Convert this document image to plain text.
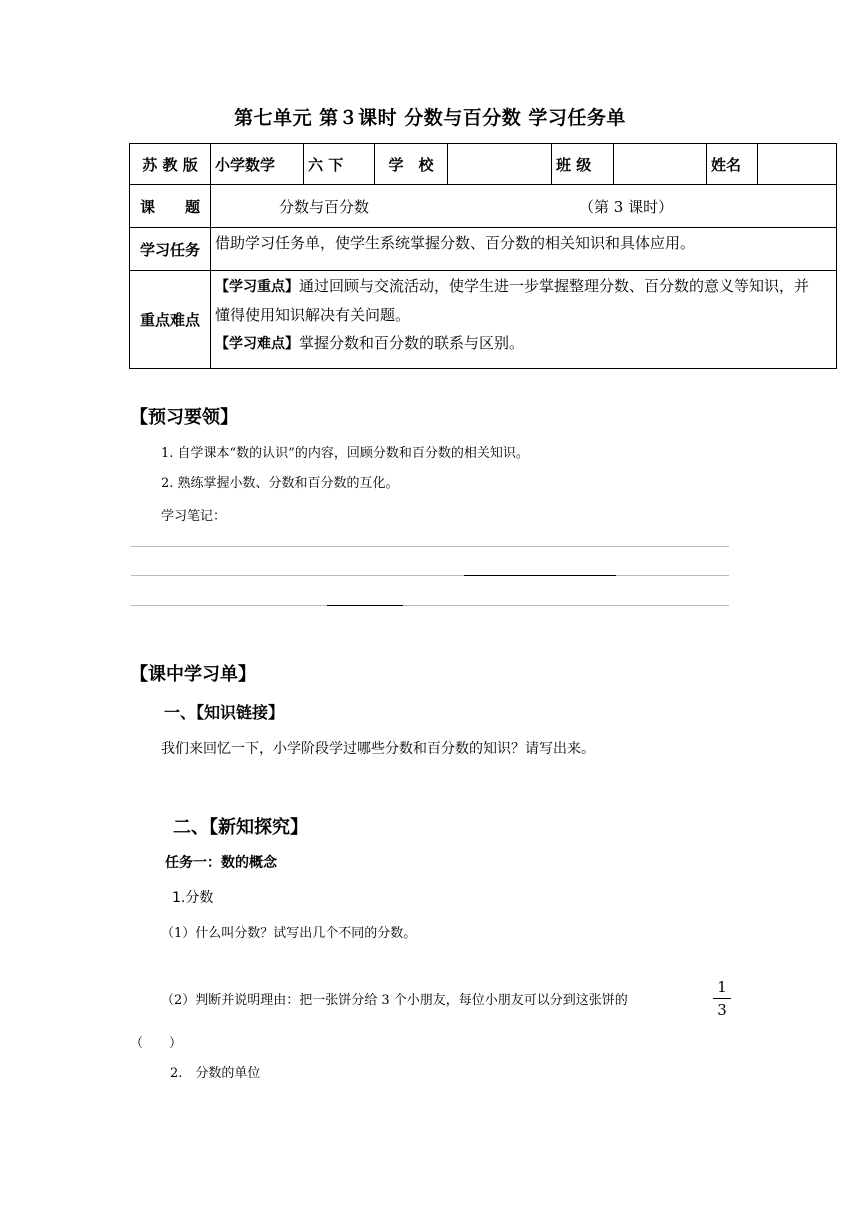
第七单元 第３课时 分数与百分数 学习任务单
苏 教 版	小学数学	六 下	学　校		班 级		姓名	
课　　题	分数与百分数 （第 3 课时）							
学习任务	借助学习任务单，使学生系统掌握分数、百分数的相关知识和具体应用。							
重点难点	【学习重点】通过回顾与交流活动，使学生进一步掌握整理分数、百分数的意义等知识，并
懂得使用知识解决有关问题。
【学习难点】掌握分数和百分数的联系与区别。							
【预习要领】
1. 自学课本“数的认识”的内容，回顾分数和百分数的相关知识。
2. 熟练掌握小数、分数和百分数的互化。
学习笔记：
【课中学习单】
一、【知识链接】
我们来回忆一下，小学阶段学过哪些分数和百分数的知识？请写出来。
二、【新知探究】
任务一：数的概念
1.分数
（1）什么叫分数？试写出几个不同的分数。
（2）判断并说明理由：把一张饼分给 3 个小朋友，每位小朋友可以分到这张饼的
1
3
（　　）
2.　分数的单位
